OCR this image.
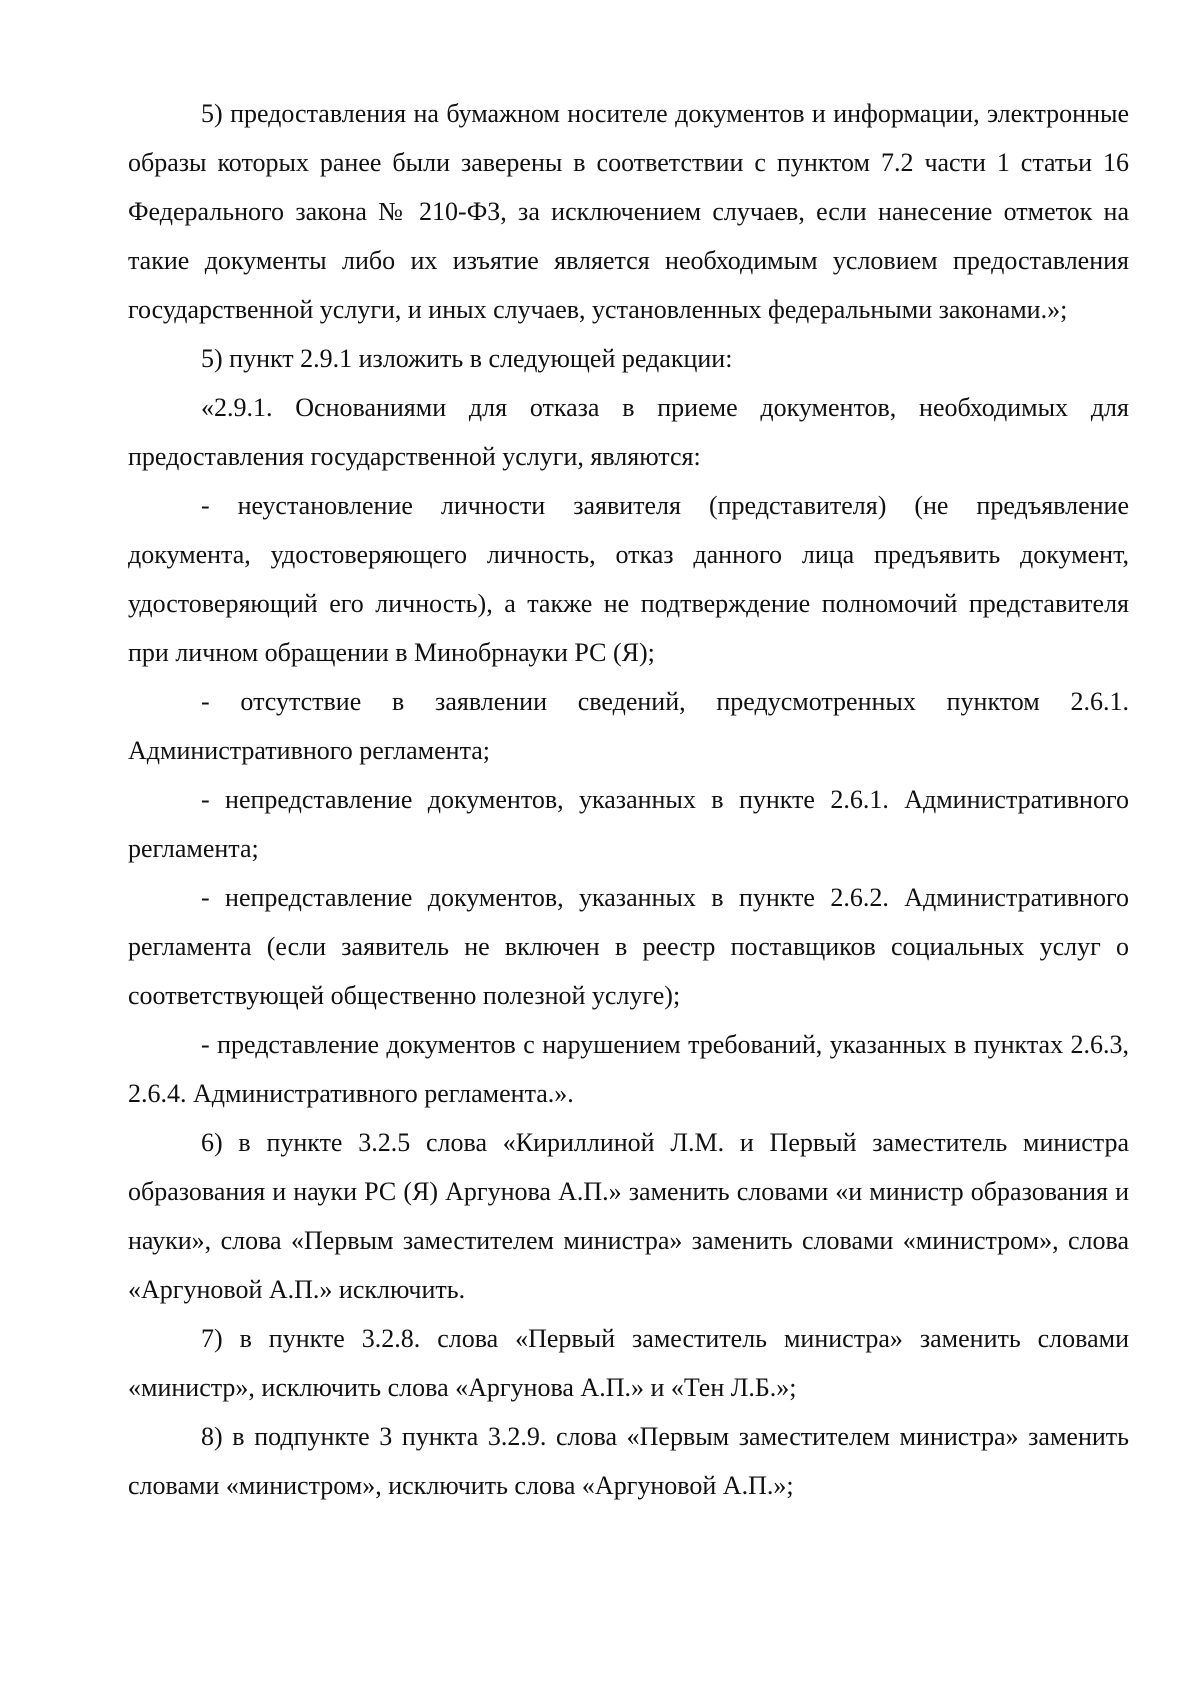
5) предоставления на бумажном носителе документов и информации, электронные образы которых ранее были заверены в соответствии с пунктом 7.2 части 1 статьи 16 Федерального закона № 210-ФЗ, за исключением случаев, если нанесение отметок на такие документы либо их изъятие является необходимым условием предоставления государственной услуги, и иных случаев, установленных федеральными законами.»;

5) пункт 2.9.1 изложить в следующей редакции:

«2.9.1. Основаниями для отказа в приеме документов, необходимых для предоставления государственной услуги, являются:

- неустановление личности заявителя (представителя) (не предъявление документа, удостоверяющего личность, отказ данного лица предъявить документ, удостоверяющий его личность), а также не подтверждение полномочий представителя при личном обращении в Минобрнауки РС (Я);

- отсутствие в заявлении сведений, предусмотренных пунктом 2.6.1. Административного регламента;

- непредставление документов, указанных в пункте 2.6.1. Административного регламента;

- непредставление документов, указанных в пункте 2.6.2. Административного регламента (если заявитель не включен в реестр поставщиков социальных услуг о соответствующей общественно полезной услуге);

- представление документов с нарушением требований, указанных в пунктах 2.6.3, 2.6.4. Административного регламента.».

6) в пункте 3.2.5 слова «Кириллиной Л.М. и Первый заместитель министра образования и науки РС (Я) Аргунова А.П.» заменить словами «и министр образования и науки», слова «Первым заместителем министра» заменить словами «министром», слова «Аргуновой А.П.» исключить.

7) в пункте 3.2.8. слова «Первый заместитель министра» заменить словами «министр», исключить слова «Аргунова А.П.» и «Тен Л.Б.»;

8) в подпункте 3 пункта 3.2.9. слова «Первым заместителем министра» заменить словами «министром», исключить слова «Аргуновой А.П.»;
